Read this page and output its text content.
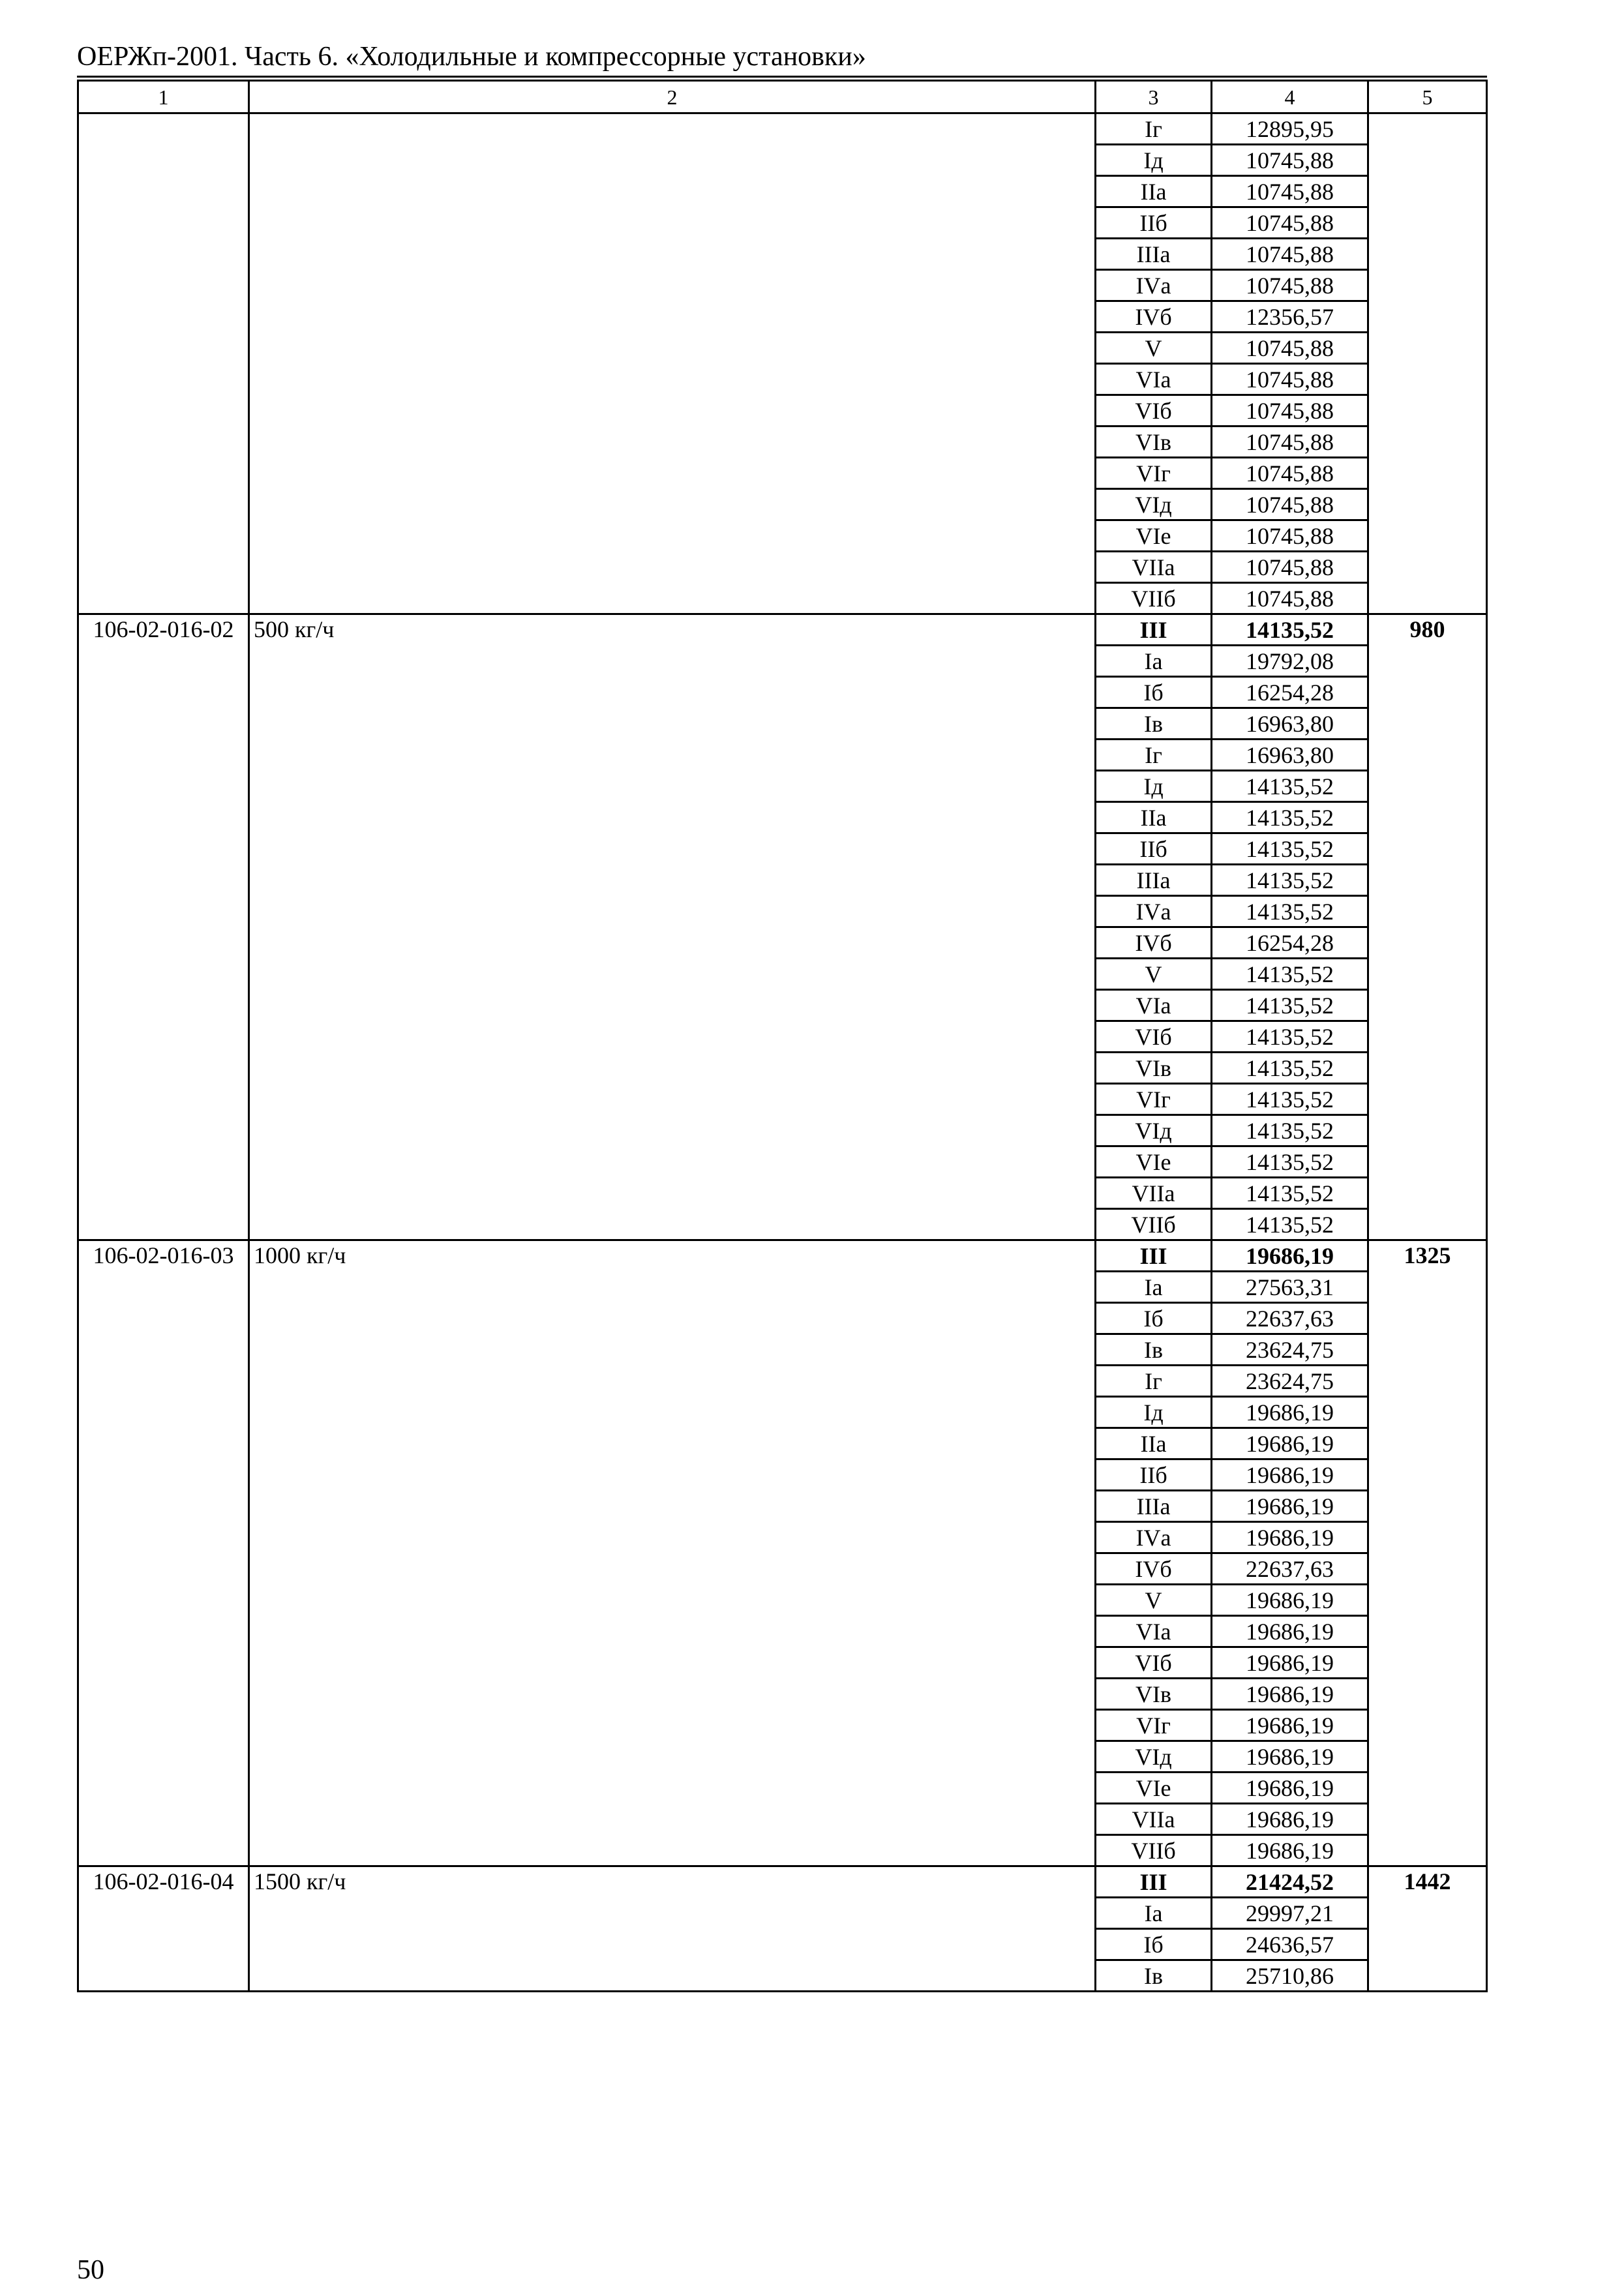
ОЕРЖп-2001. Часть 6. «Холодильные и компрессорные установки»
1	2	3	4	5
		Iг	12895,95	
		Iд	10745,88	
		IIа	10745,88	
		IIб	10745,88	
		IIIа	10745,88	
		IVа	10745,88	
		IVб	12356,57	
		V	10745,88	
		VIа	10745,88	
		VIб	10745,88	
		VIв	10745,88	
		VIг	10745,88	
		VIд	10745,88	
		VIе	10745,88	
		VIIа	10745,88	
		VIIб	10745,88	
106-02-016-02	500 кг/ч	III	14135,52	980
		Iа	19792,08	
		Iб	16254,28	
		Iв	16963,80	
		Iг	16963,80	
		Iд	14135,52	
		IIа	14135,52	
		IIб	14135,52	
		IIIа	14135,52	
		IVа	14135,52	
		IVб	16254,28	
		V	14135,52	
		VIа	14135,52	
		VIб	14135,52	
		VIв	14135,52	
		VIг	14135,52	
		VIд	14135,52	
		VIе	14135,52	
		VIIа	14135,52	
		VIIб	14135,52	
106-02-016-03	1000 кг/ч	III	19686,19	1325
		Iа	27563,31	
		Iб	22637,63	
		Iв	23624,75	
		Iг	23624,75	
		Iд	19686,19	
		IIа	19686,19	
		IIб	19686,19	
		IIIа	19686,19	
		IVа	19686,19	
		IVб	22637,63	
		V	19686,19	
		VIа	19686,19	
		VIб	19686,19	
		VIв	19686,19	
		VIг	19686,19	
		VIд	19686,19	
		VIе	19686,19	
		VIIа	19686,19	
		VIIб	19686,19	
106-02-016-04	1500 кг/ч	III	21424,52	1442
		Iа	29997,21	
		Iб	24636,57	
		Iв	25710,86	
50
